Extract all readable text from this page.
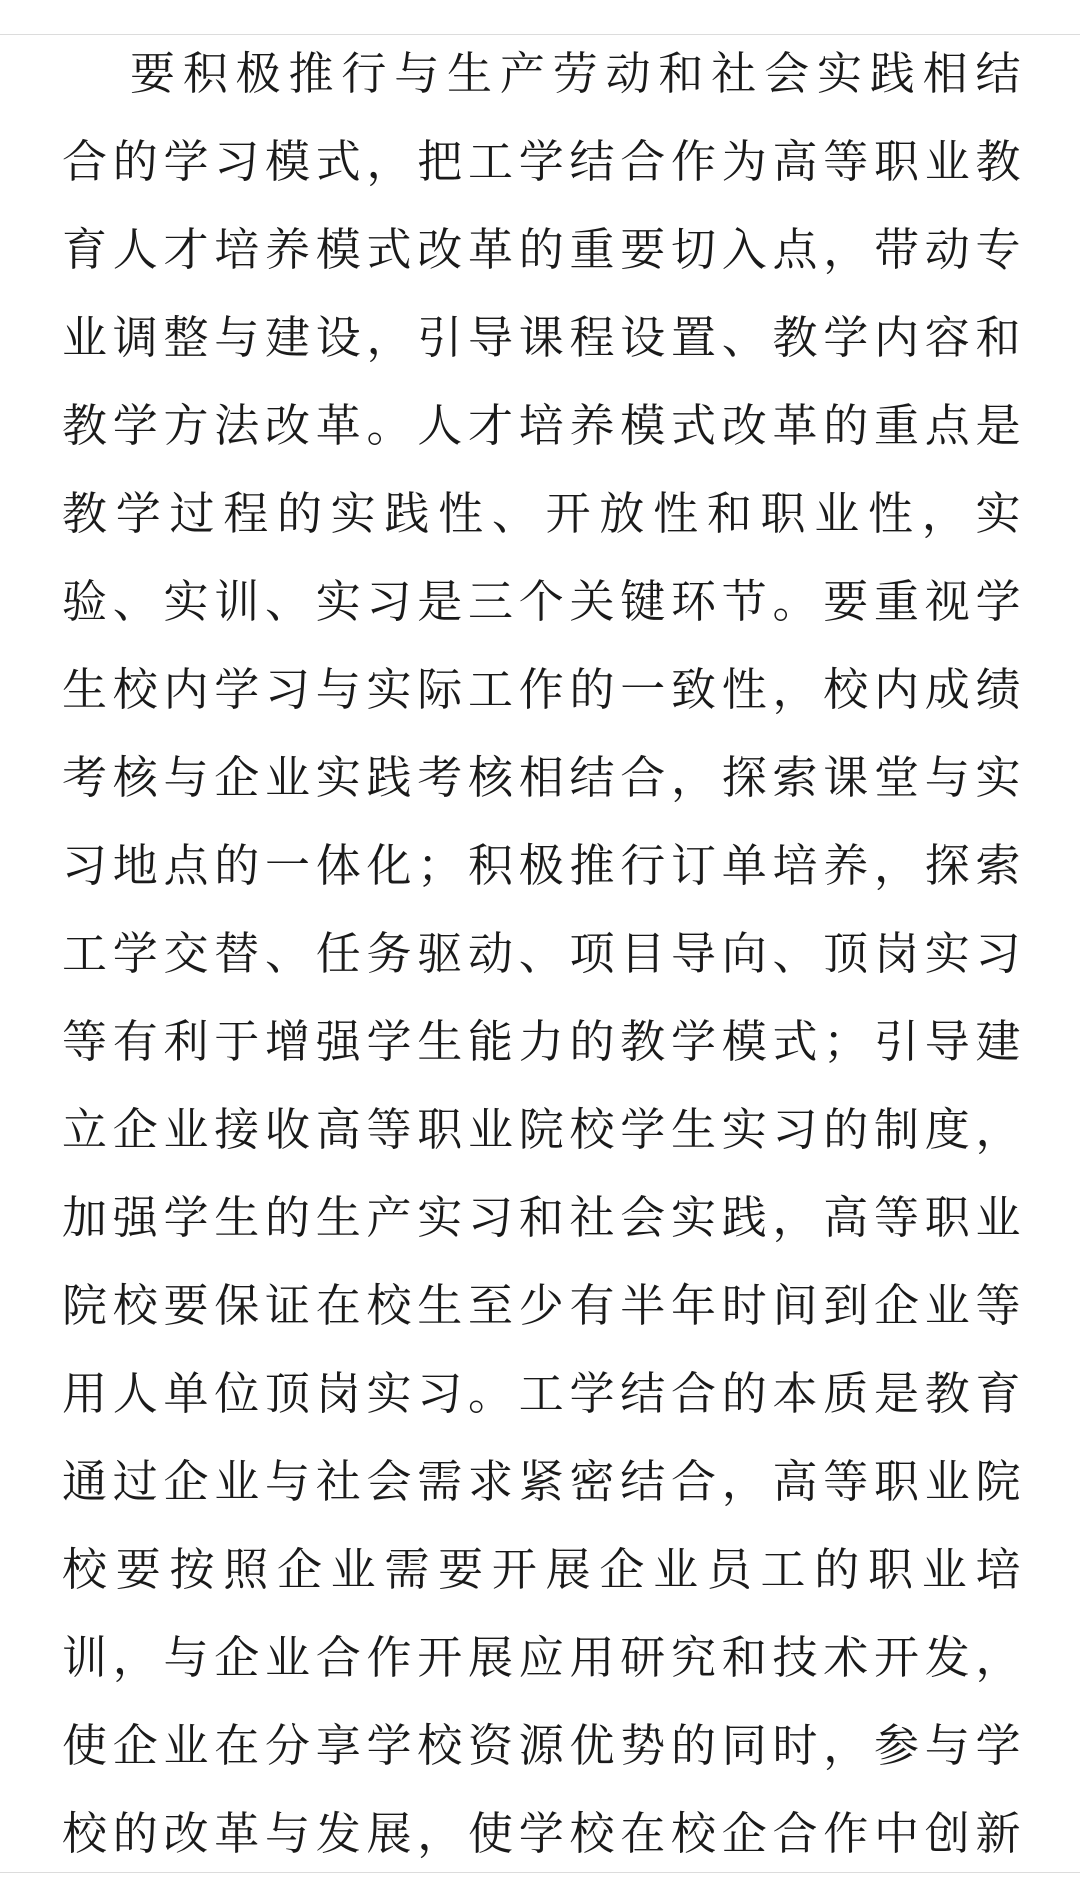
要积极推行与生产劳动和社会实践相结
合的学习模式，把工学结合作为高等职业教
育人才培养模式改革的重要切入点，带动专
业调整与建设，引导课程设置、教学内容和
教学方法改革。人才培养模式改革的重点是
教学过程的实践性、开放性和职业性，实
验、实训、实习是三个关键环节。要重视学
生校内学习与实际工作的一致性，校内成绩
考核与企业实践考核相结合，探索课堂与实
习地点的一体化；积极推行订单培养，探索
工学交替、任务驱动、项目导向、顶岗实习
等有利于增强学生能力的教学模式；引导建
立企业接收高等职业院校学生实习的制度，
加强学生的生产实习和社会实践，高等职业
院校要保证在校生至少有半年时间到企业等
用人单位顶岗实习。工学结合的本质是教育
通过企业与社会需求紧密结合，高等职业院
校要按照企业需要开展企业员工的职业培
训，与企业合作开展应用研究和技术开发，
使企业在分享学校资源优势的同时，参与学
校的改革与发展，使学校在校企合作中创新
